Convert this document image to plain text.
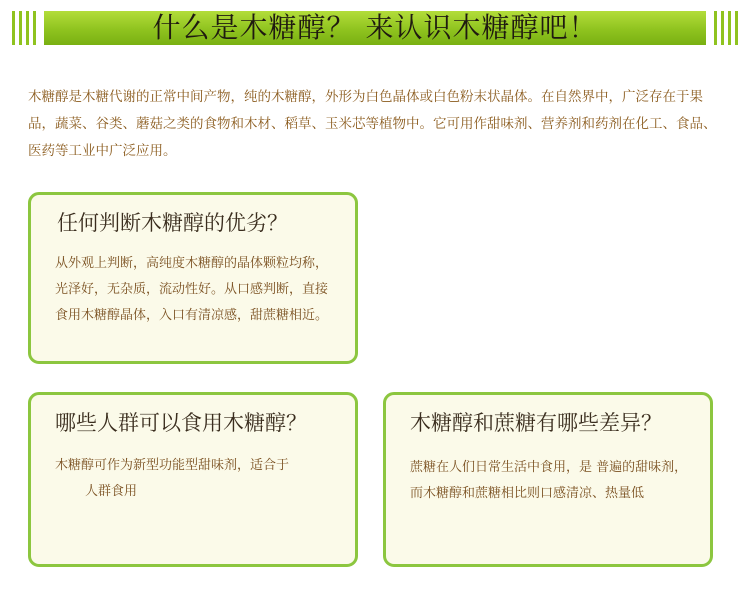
什么是木糖醇？ 来认识木糖醇吧！

木糖醇是木糖代谢的正常中间产物，纯的木糖醇，外形为白色晶体或白色粉末状晶体。在自然界中，广泛存在于果品，蔬菜、谷类、蘑菇之类的食物和木材、稻草、玉米芯等植物中。它可用作甜味剂、营养剂和药剂在化工、食品、医药等工业中广泛应用。

任何判断木糖醇的优劣？

从外观上判断，高纯度木糖醇的晶体颗粒均称，光泽好，无杂质，流动性好。从口感判断，直接食用木糖醇晶体，入口有清凉感，甜蔗糖相近。

哪些人群可以食用木糖醇？

木糖醇可作为新型功能型甜味剂，适合于
人群食用

木糖醇和蔗糖有哪些差异？

蔗糖在人们日常生活中食用，是 普遍的甜味剂，而木糖醇和蔗糖相比则口感清凉、热量低
